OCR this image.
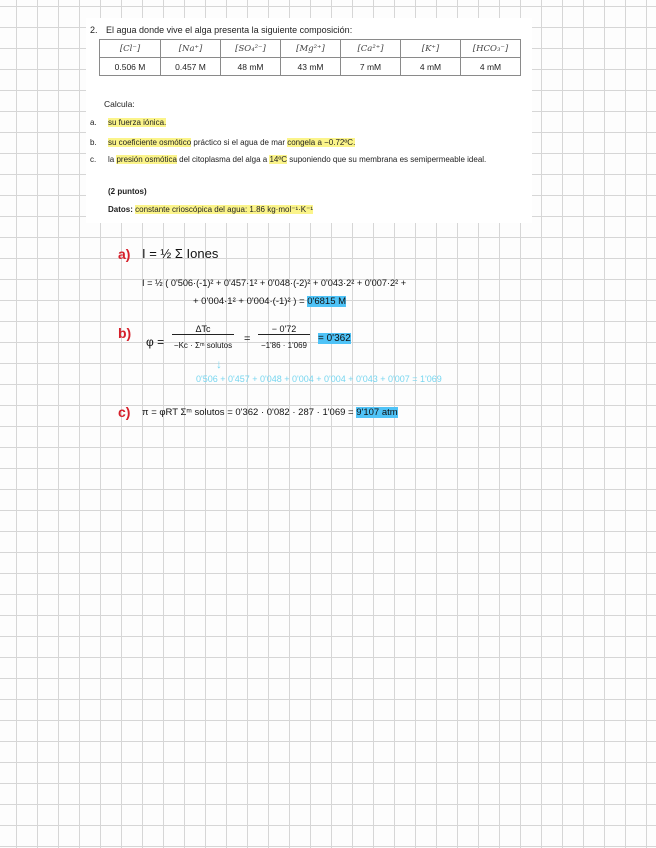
2. El agua donde vive el alga presenta la siguiente composición:
[Cl⁻]	[Na⁺]	[SO₄²⁻]	[Mg²⁺]	[Ca²⁺]	[K⁺]	[HCO₃⁻]
0.506 M	0.457 M	48 mM	43 mM	7 mM	4 mM	4 mM
Calcula:
a. su fuerza iónica.
b. su coeficiente osmótico práctico si el agua de mar congela a −0.72ºC.
c. la presión osmótica del citoplasma del alga a 14ºC suponiendo que su membrana es semipermeable ideal.
(2 puntos)
Datos: constante crioscópica del agua: 1.86 kg·mol⁻¹·K⁻¹
a) I = ½ Σ Iones
I = ½ ( 0'506·(-1)² + 0'457·1² + 0'048·(-2)² + 0'043·2² + 0'007·2² +
+ 0'004·1² + 0'004·(-1)² ) = 0'6815 M
b)
φ =
ΔTc
−Kc · Σᵐ solutos
=
− 0'72
−1'86 · 1'069
= 0'362
↓
0'506 + 0'457 + 0'048 + 0'004 + 0'004 + 0'043 + 0'007 = 1'069
c) π = φRT Σᵐ solutos = 0'362 · 0'082 · 287 · 1'069 = 9'107 atm
